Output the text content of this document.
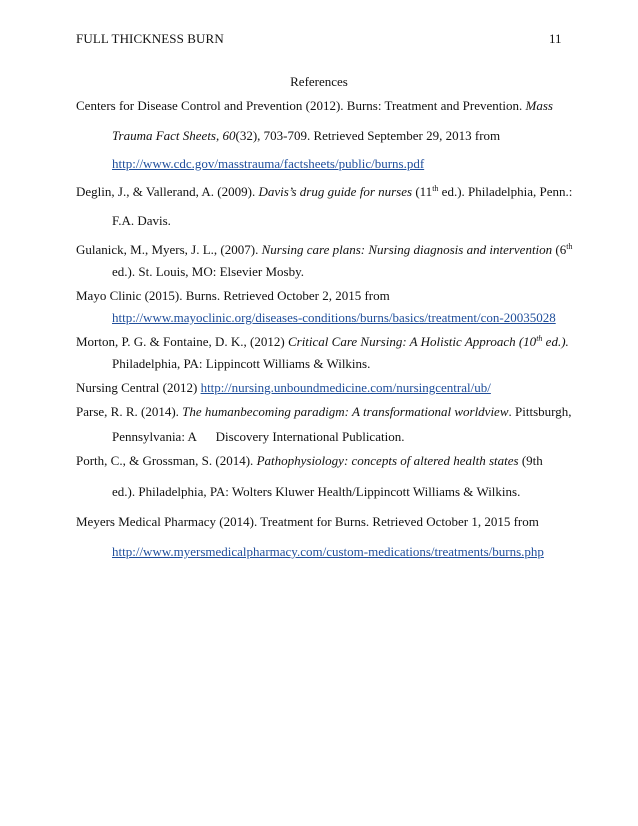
FULL THICKNESS BURN	11
References
Centers for Disease Control and Prevention (2012). Burns: Treatment and Prevention. Mass
Trauma Fact Sheets, 60(32), 703-709. Retrieved September 29, 2013 from
http://www.cdc.gov/masstrauma/factsheets/public/burns.pdf
Deglin, J., & Vallerand, A. (2009). Davis’s drug guide for nurses (11th ed.). Philadelphia, Penn.:
F.A. Davis.
Gulanick, M., Myers, J. L., (2007). Nursing care plans: Nursing diagnosis and intervention (6th
ed.). St. Louis, MO: Elsevier Mosby.
Mayo Clinic (2015). Burns. Retrieved October 2, 2015 from
http://www.mayoclinic.org/diseases-conditions/burns/basics/treatment/con-20035028
Morton, P. G. & Fontaine, D. K., (2012) Critical Care Nursing: A Holistic Approach (10th ed.).
Philadelphia, PA: Lippincott Williams & Wilkins.
Nursing Central (2012) http://nursing.unboundmedicine.com/nursingcentral/ub/
Parse, R. R. (2014). The humanbecoming paradigm: A transformational worldview. Pittsburgh,
Pennsylvania: A      Discovery International Publication.
Porth, C., & Grossman, S. (2014). Pathophysiology: concepts of altered health states (9th
ed.). Philadelphia, PA: Wolters Kluwer Health/Lippincott Williams & Wilkins.
Meyers Medical Pharmacy (2014). Treatment for Burns. Retrieved October 1, 2015 from
http://www.myersmedicalpharmacy.com/custom-medications/treatments/burns.php
